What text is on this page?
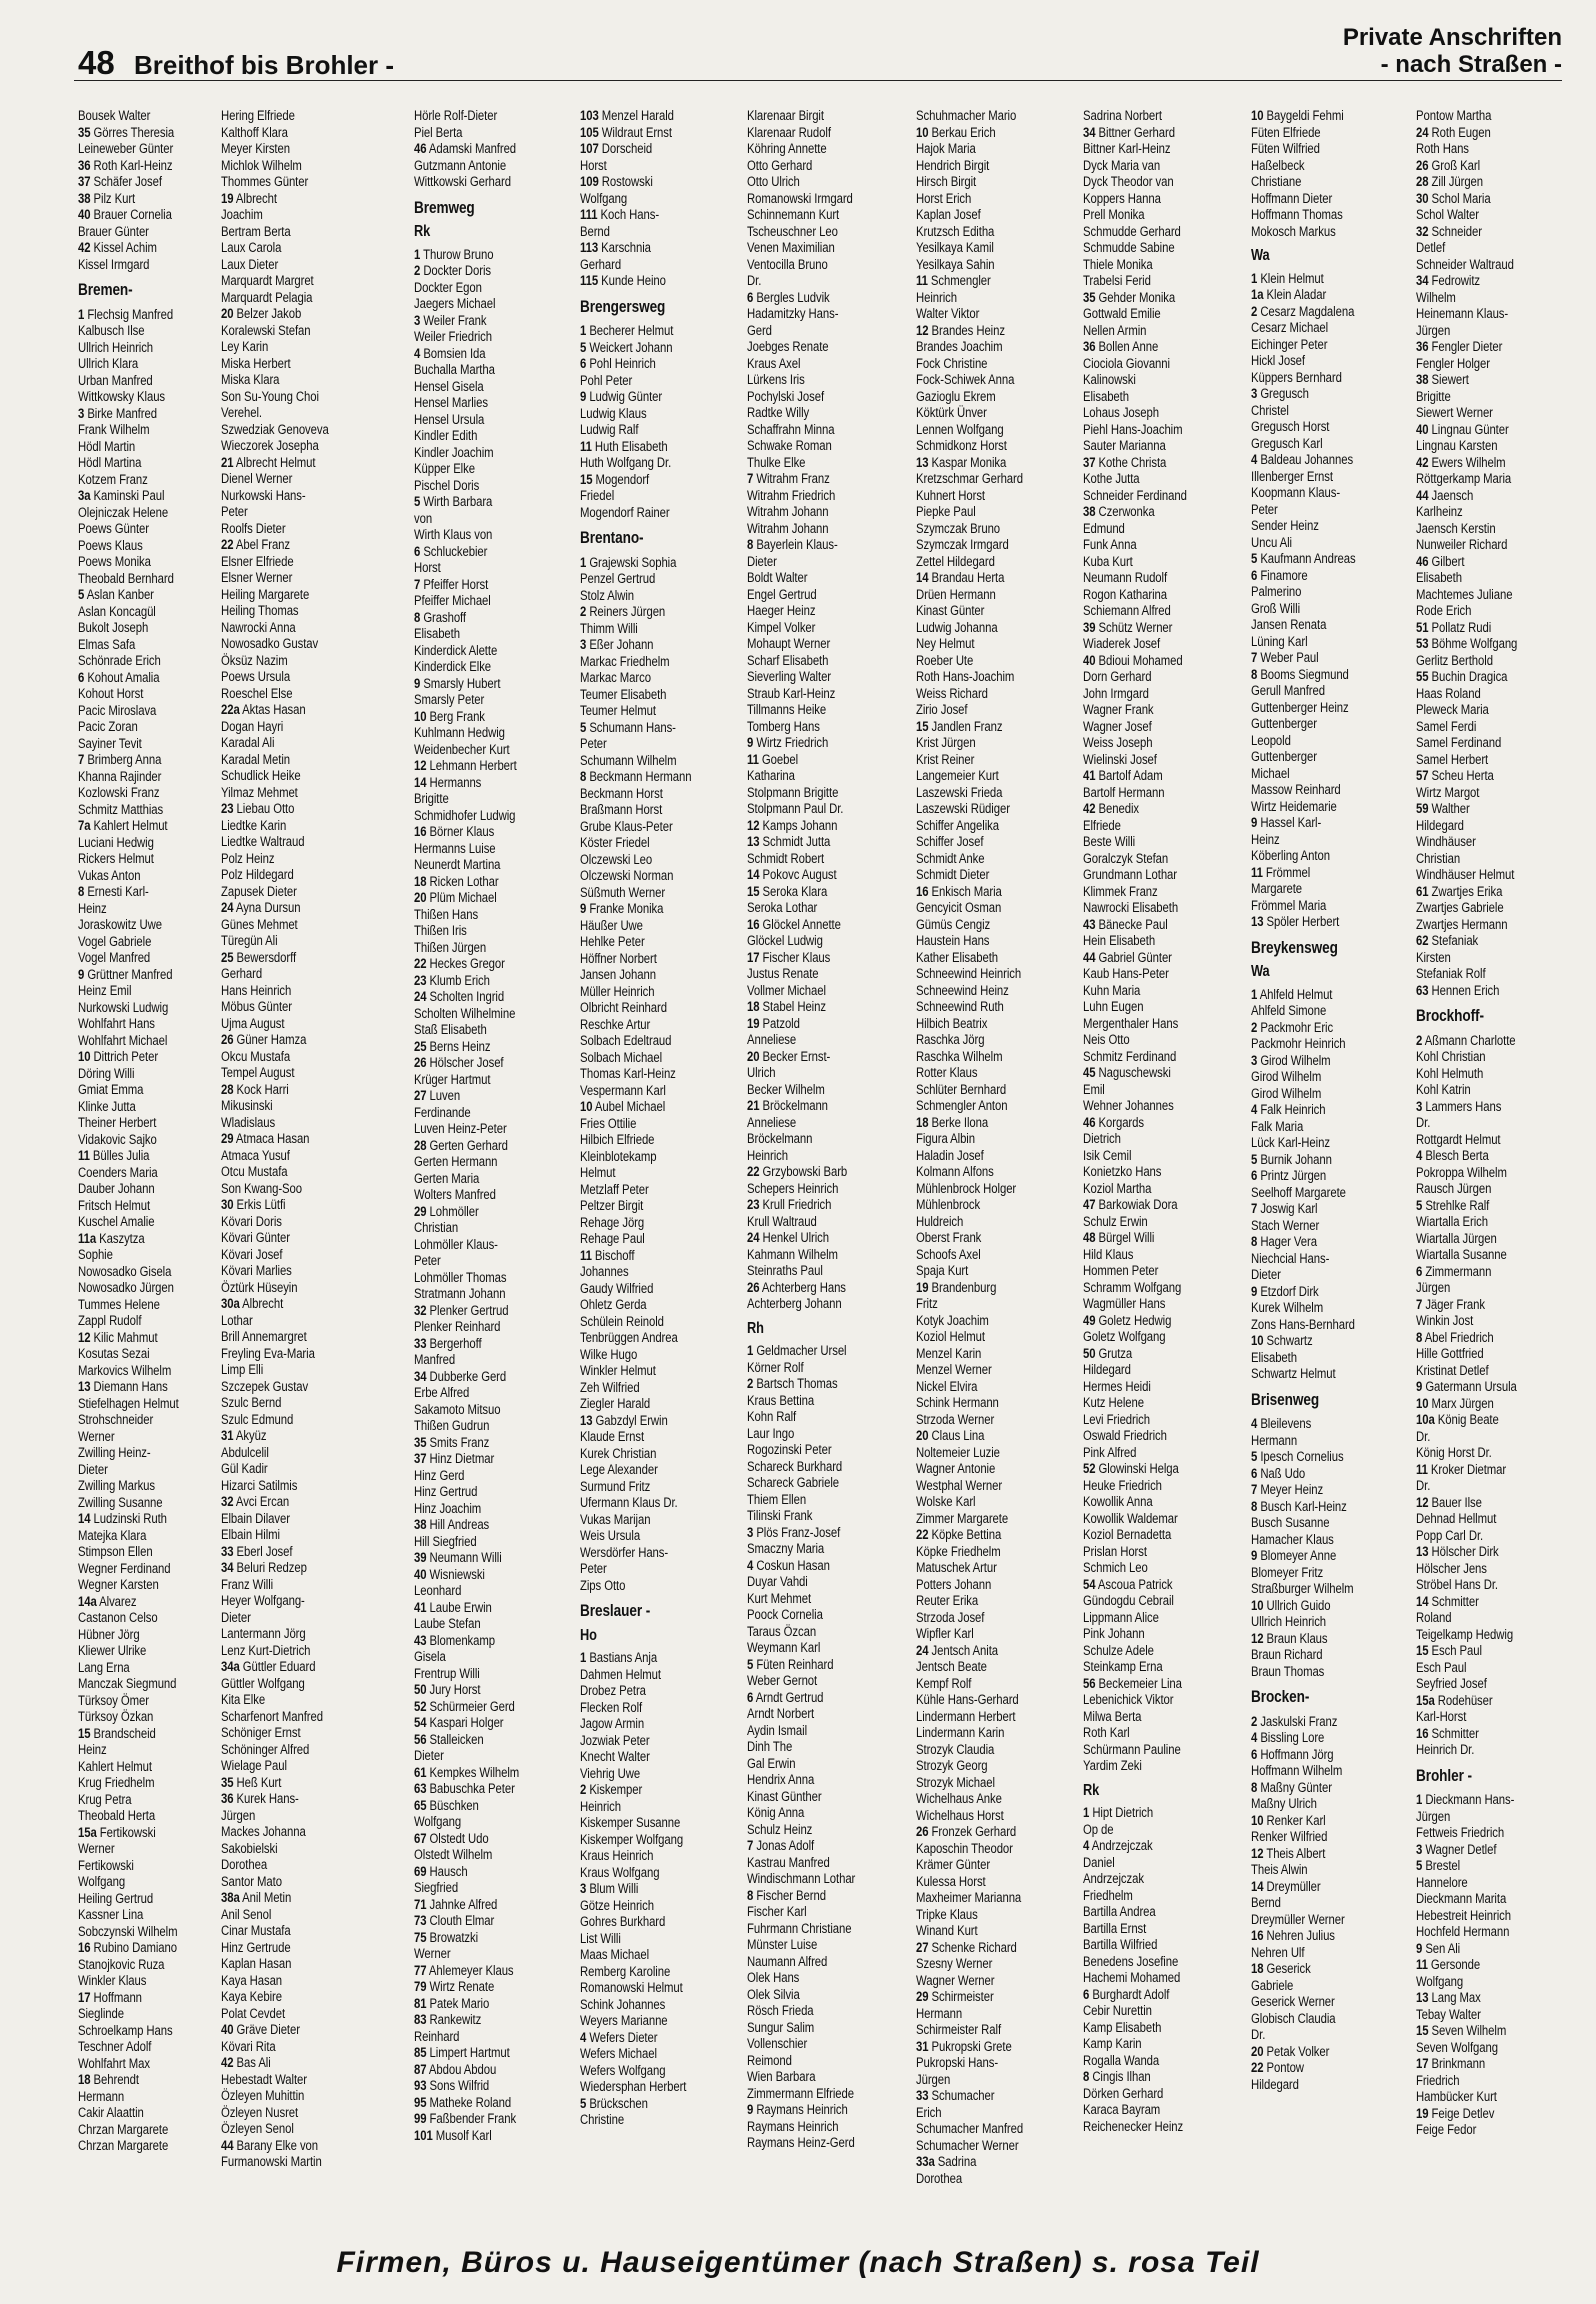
48 Breithof bis Brohler -
Private Anschriften
- nach Straßen -
Bousek Walter
35 Görres Theresia
Leineweber Günter
36 Roth Karl-Heinz
37 Schäfer Josef
38 Pilz Kurt
40 Brauer Cornelia
Brauer Günter
42 Kissel Achim
Kissel Irmgard
Bremen-
1 Flechsig Manfred
Kalbusch Ilse
Ullrich Heinrich
Ullrich Klara
Urban Manfred
Wittkowsky Klaus
3 Birke Manfred
Frank Wilhelm
Hödl Martin
Hödl Martina
Kotzem Franz
3a Kaminski Paul
Olejniczak Helene
Poews Günter
Poews Klaus
Poews Monika
Theobald Bernhard
5 Aslan Kanber
Aslan Koncagül
Bukolt Joseph
Elmas Safa
Schönrade Erich
6 Kohout Amalia
Kohout Horst
Pacic Miroslava
Pacic Zoran
Sayiner Tevit
7 Brimberg Anna
Khanna Rajinder
Kozlowski Franz
Schmitz Matthias
7a Kahlert Helmut
Luciani Hedwig
Rickers Helmut
Vukas Anton
8 Ernesti Karl-
Heinz
Joraskowitz Uwe
Vogel Gabriele
Vogel Manfred
9 Grüttner Manfred
Heinz Emil
Nurkowski Ludwig
Wohlfahrt Hans
Wohlfahrt Michael
10 Dittrich Peter
Döring Willi
Gmiat Emma
Klinke Jutta
Theiner Herbert
Vidakovic Sajko
11 Bülles Julia
Coenders Maria
Dauber Johann
Fritsch Helmut
Kuschel Amalie
11a Kaszytza
Sophie
Nowosadko Gisela
Nowosadko Jürgen
Tummes Helene
Zappl Rudolf
12 Kilic Mahmut
Kosutas Sezai
Markovics Wilhelm
13 Diemann Hans
Stiefelhagen Helmut
Strohschneider
Werner
Zwilling Heinz-
Dieter
Zwilling Markus
Zwilling Susanne
14 Ludzinski Ruth
Matejka Klara
Stimpson Ellen
Wegner Ferdinand
Wegner Karsten
14a Alvarez
Castanon Celso
Hübner Jörg
Kliewer Ulrike
Lang Erna
Manczak Siegmund
Türksoy Ömer
Türksoy Özkan
15 Brandscheid
Heinz
Kahlert Helmut
Krug Friedhelm
Krug Petra
Theobald Herta
15a Fertikowski
Werner
Fertikowski
Wolfgang
Heiling Gertrud
Kassner Lina
Sobczynski Wilhelm
16 Rubino Damiano
Stanojkovic Ruza
Winkler Klaus
17 Hoffmann
Sieglinde
Schroelkamp Hans
Teschner Adolf
Wohlfahrt Max
18 Behrendt
Hermann
Cakir Alaattin
Chrzan Margarete
Chrzan Margarete
Hering Elfriede
Kalthoff Klara
Meyer Kirsten
Michlok Wilhelm
Thommes Günter
19 Albrecht
Joachim
Bertram Berta
Laux Carola
Laux Dieter
Marquardt Margret
Marquardt Pelagia
20 Belzer Jakob
Koralewski Stefan
Ley Karin
Miska Herbert
Miska Klara
Son Su-Young Choi
Verehel.
Szwedziak Genoveva
Wieczorek Josepha
21 Albrecht Helmut
Dienel Werner
Nurkowski Hans-
Peter
Roolfs Dieter
22 Abel Franz
Elsner Elfriede
Elsner Werner
Heiling Margarete
Heiling Thomas
Nawrocki Anna
Nowosadko Gustav
Öksüz Nazim
Poews Ursula
Roeschel Else
22a Aktas Hasan
Dogan Hayri
Karadal Ali
Karadal Metin
Schudlick Heike
Yilmaz Mehmet
23 Liebau Otto
Liedtke Karin
Liedtke Waltraud
Polz Heinz
Polz Hildegard
Zapusek Dieter
24 Ayna Dursun
Günes Mehmet
Türegün Ali
25 Bewersdorff
Gerhard
Hans Heinrich
Möbus Günter
Ujma August
26 Güner Hamza
Okcu Mustafa
Tempel August
28 Kock Harri
Mikusinski
Wladislaus
29 Atmaca Hasan
Atmaca Yusuf
Otcu Mustafa
Son Kwang-Soo
30 Erkis Lütfi
Kövari Doris
Kövari Günter
Kövari Josef
Kövari Marlies
Öztürk Hüseyin
30a Albrecht
Lothar
Brill Annemargret
Freyling Eva-Maria
Limp Elli
Szczepek Gustav
Szulc Bernd
Szulc Edmund
31 Akyüz
Abdulcelil
Gül Kadir
Hizarci Satilmis
32 Avci Ercan
Elbain Dilaver
Elbain Hilmi
33 Eberl Josef
34 Beluri Redzep
Franz Willi
Heyer Wolfgang-
Dieter
Lantermann Jörg
Lenz Kurt-Dietrich
34a Güttler Eduard
Güttler Wolfgang
Kita Elke
Scharfenort Manfred
Schöniger Ernst
Schöninger Alfred
Wielage Paul
35 Heß Kurt
36 Kurek Hans-
Jürgen
Mackes Johanna
Sakobielski
Dorothea
Santor Mato
38a Anil Metin
Anil Senol
Cinar Mustafa
Hinz Gertrude
Kaplan Hasan
Kaya Hasan
Kaya Kebire
Polat Cevdet
40 Gräve Dieter
Kövari Rita
42 Bas Ali
Hebestadt Walter
Özleyen Muhittin
Özleyen Nusret
Özleyen Senol
44 Barany Elke von
Furmanowski Martin
Hörle Rolf-Dieter
Piel Berta
46 Adamski Manfred
Gutzmann Antonie
Wittkowski Gerhard
Bremweg
Rk
1 Thurow Bruno
2 Dockter Doris
Dockter Egon
Jaegers Michael
3 Weiler Frank
Weiler Friedrich
4 Bomsien Ida
Buchalla Martha
Hensel Gisela
Hensel Marlies
Hensel Ursula
Kindler Edith
Kindler Joachim
Küpper Elke
Pischel Doris
5 Wirth Barbara
von
Wirth Klaus von
6 Schluckebier
Horst
7 Pfeiffer Horst
Pfeiffer Michael
8 Grashoff
Elisabeth
Kinderdick Alette
Kinderdick Elke
9 Smarsly Hubert
Smarsly Peter
10 Berg Frank
Kuhlmann Hedwig
Weidenbecher Kurt
12 Lehmann Herbert
14 Hermanns
Brigitte
Schmidhofer Ludwig
16 Börner Klaus
Hermanns Luise
Neunerdt Martina
18 Ricken Lothar
20 Plüm Michael
Thißen Hans
Thißen Iris
Thißen Jürgen
22 Heckes Gregor
23 Klumb Erich
24 Scholten Ingrid
Scholten Wilhelmine
Staß Elisabeth
25 Berns Heinz
26 Hölscher Josef
Krüger Hartmut
27 Luven
Ferdinande
Luven Heinz-Peter
28 Gerten Gerhard
Gerten Hermann
Gerten Maria
Wolters Manfred
29 Lohmöller
Christian
Lohmöller Klaus-
Peter
Lohmöller Thomas
Stratmann Johann
32 Plenker Gertrud
Plenker Reinhard
33 Bergerhoff
Manfred
34 Dubberke Gerd
Erbe Alfred
Sakamoto Mitsuo
Thißen Gudrun
35 Smits Franz
37 Hinz Dietmar
Hinz Gerd
Hinz Gertrud
Hinz Joachim
38 Hill Andreas
Hill Siegfried
39 Neumann Willi
40 Wisniewski
Leonhard
41 Laube Erwin
Laube Stefan
43 Blomenkamp
Gisela
Frentrup Willi
50 Jury Horst
52 Schürmeier Gerd
54 Kaspari Holger
56 Stalleicken
Dieter
61 Kempkes Wilhelm
63 Babuschka Peter
65 Büschken
Wolfgang
67 Olstedt Udo
Olstedt Wilhelm
69 Hausch
Siegfried
71 Jahnke Alfred
73 Clouth Elmar
75 Browatzki
Werner
77 Ahlemeyer Klaus
79 Wirtz Renate
81 Patek Mario
83 Rankewitz
Reinhard
85 Limpert Hartmut
87 Abdou Abdou
93 Sons Wilfrid
95 Matheke Roland
99 Faßbender Frank
101 Musolf Karl
103 Menzel Harald
105 Wildraut Ernst
107 Dorscheid
Horst
109 Rostowski
Wolfgang
111 Koch Hans-
Bernd
113 Karschnia
Gerhard
115 Kunde Heino
Brengersweg
1 Becherer Helmut
5 Weickert Johann
6 Pohl Heinrich
Pohl Peter
9 Ludwig Günter
Ludwig Klaus
Ludwig Ralf
11 Huth Elisabeth
Huth Wolfgang Dr.
15 Mogendorf
Friedel
Mogendorf Rainer
Brentano-
1 Grajewski Sophia
Penzel Gertrud
Stolz Alwin
2 Reiners Jürgen
Thimm Willi
3 Eßer Johann
Markac Friedhelm
Markac Marco
Teumer Elisabeth
Teumer Helmut
5 Schumann Hans-
Peter
Schumann Wilhelm
8 Beckmann Hermann
Beckmann Horst
Braßmann Horst
Grube Klaus-Peter
Köster Friedel
Olczewski Leo
Olczewski Norman
Süßmuth Werner
9 Franke Monika
Häußer Uwe
Hehlke Peter
Höffner Norbert
Jansen Johann
Müller Heinrich
Olbricht Reinhard
Reschke Artur
Solbach Edeltraud
Solbach Michael
Thomas Karl-Heinz
Vespermann Karl
10 Aubel Michael
Fries Ottilie
Hilbich Elfriede
Kleinblotekamp
Helmut
Metzlaff Peter
Peltzer Birgit
Rehage Jörg
Rehage Paul
11 Bischoff
Johannes
Gaudy Wilfried
Ohletz Gerda
Schülein Reinold
Tenbrüggen Andrea
Wilke Hugo
Winkler Helmut
Zeh Wilfried
Ziegler Harald
13 Gabzdyl Erwin
Klaude Ernst
Kurek Christian
Lege Alexander
Surmund Fritz
Ufermann Klaus Dr.
Vukas Marijan
Weis Ursula
Wersdörfer Hans-
Peter
Zips Otto
Breslauer -
Ho
1 Bastians Anja
Dahmen Helmut
Drobez Petra
Flecken Rolf
Jagow Armin
Jozwiak Peter
Knecht Walter
Viehrig Uwe
2 Kiskemper
Heinrich
Kiskemper Susanne
Kiskemper Wolfgang
Kraus Heinrich
Kraus Wolfgang
3 Blum Willi
Götze Heinrich
Gohres Burkhard
List Willi
Maas Michael
Remberg Karoline
Romanowski Helmut
Schink Johannes
Weyers Marianne
4 Wefers Dieter
Wefers Michael
Wefers Wolfgang
Wiedersphan Herbert
5 Brückschen
Christine
Klarenaar Birgit
Klarenaar Rudolf
Köhring Annette
Otto Gerhard
Otto Ulrich
Romanowski Irmgard
Schinnemann Kurt
Tscheuschner Leo
Venen Maximilian
Ventocilla Bruno
Dr.
6 Bergles Ludvik
Hadamitzky Hans-
Gerd
Joebges Renate
Kraus Axel
Lürkens Iris
Pochylski Josef
Radtke Willy
Schaffrahn Minna
Schwake Roman
Thulke Elke
7 Witrahm Franz
Witrahm Friedrich
Witrahm Johann
Witrahm Johann
8 Bayerlein Klaus-
Dieter
Boldt Walter
Engel Gertrud
Haeger Heinz
Kimpel Volker
Mohaupt Werner
Scharf Elisabeth
Sieverling Walter
Straub Karl-Heinz
Tillmanns Heike
Tomberg Hans
9 Wirtz Friedrich
11 Goebel
Katharina
Stolpmann Brigitte
Stolpmann Paul Dr.
12 Kamps Johann
13 Schmidt Jutta
Schmidt Robert
14 Pokovc August
15 Seroka Klara
Seroka Lothar
16 Glöckel Annette
Glöckel Ludwig
17 Fischer Klaus
Justus Renate
Vollmer Michael
18 Stabel Heinz
19 Patzold
Anneliese
20 Becker Ernst-
Ulrich
Becker Wilhelm
21 Bröckelmann
Anneliese
Bröckelmann
Heinrich
22 Grzybowski Barb
Schepers Heinrich
23 Krull Friedrich
Krull Waltraud
24 Henkel Ulrich
Kahmann Wilhelm
Steinraths Paul
26 Achterberg Hans
Achterberg Johann
Rh
1 Geldmacher Ursel
Körner Rolf
2 Bartsch Thomas
Kraus Bettina
Kohn Ralf
Laur Ingo
Rogozinski Peter
Schareck Burkhard
Schareck Gabriele
Thiem Ellen
Tilinski Frank
3 Plös Franz-Josef
Smaczny Maria
4 Coskun Hasan
Duyar Vahdi
Kurt Mehmet
Poock Cornelia
Taraus Özcan
Weymann Karl
5 Füten Reinhard
Weber Gernot
6 Arndt Gertrud
Arndt Norbert
Aydin Ismail
Dinh The
Gal Erwin
Hendrix Anna
Kinast Günther
König Anna
Schulz Heinz
7 Jonas Adolf
Kastrau Manfred
Windischmann Lothar
8 Fischer Bernd
Fischer Karl
Fuhrmann Christiane
Münster Luise
Naumann Alfred
Olek Hans
Olek Silvia
Rösch Frieda
Sungur Salim
Vollenschier
Reimond
Wien Barbara
Zimmermann Elfriede
9 Raymans Heinrich
Raymans Heinrich
Raymans Heinz-Gerd
Schuhmacher Mario
10 Berkau Erich
Hajok Maria
Hendrich Birgit
Hirsch Birgit
Horst Erich
Kaplan Josef
Krutzsch Editha
Yesilkaya Kamil
Yesilkaya Sahin
11 Schmengler
Heinrich
Walter Viktor
12 Brandes Heinz
Brandes Joachim
Fock Christine
Fock-Schiwek Anna
Gazioglu Ekrem
Köktürk Ünver
Lennen Wolfgang
Schmidkonz Horst
13 Kaspar Monika
Kretzschmar Gerhard
Kuhnert Horst
Piepke Paul
Szymczak Bruno
Szymczak Irmgard
Zettel Hildegard
14 Brandau Herta
Drüen Hermann
Kinast Günter
Ludwig Johanna
Ney Helmut
Roeber Ute
Roth Hans-Joachim
Weiss Richard
Zirio Josef
15 Jandlen Franz
Krist Jürgen
Krist Reiner
Langemeier Kurt
Laszewski Frieda
Laszewski Rüdiger
Schiffer Angelika
Schiffer Josef
Schmidt Anke
Schmidt Dieter
16 Enkisch Maria
Gencyicit Osman
Gümüs Cengiz
Haustein Hans
Kather Elisabeth
Schneewind Heinrich
Schneewind Heinz
Schneewind Ruth
Hilbich Beatrix
Raschka Jörg
Raschka Wilhelm
Rotter Klaus
Schlüter Bernhard
Schmengler Anton
18 Berke Ilona
Figura Albin
Haladin Josef
Kolmann Alfons
Mühlenbrock Holger
Mühlenbrock
Huldreich
Oberst Frank
Schoofs Axel
Spaja Kurt
19 Brandenburg
Fritz
Kotyk Joachim
Koziol Helmut
Menzel Karin
Menzel Werner
Nickel Elvira
Schink Hermann
Strzoda Werner
20 Claus Lina
Noltemeier Luzie
Wagner Antonie
Westphal Werner
Wolske Karl
Zimmer Margarete
22 Köpke Bettina
Köpke Friedhelm
Matuschek Artur
Potters Johann
Reuter Erika
Strzoda Josef
Wipfler Karl
24 Jentsch Anita
Jentsch Beate
Kempf Rolf
Kühle Hans-Gerhard
Lindermann Herbert
Lindermann Karin
Strozyk Claudia
Strozyk Georg
Strozyk Michael
Wichelhaus Anke
Wichelhaus Horst
26 Fronzek Gerhard
Kaposchin Theodor
Krämer Günter
Kulessa Horst
Maxheimer Marianna
Tripke Klaus
Winand Kurt
27 Schenke Richard
Szesny Werner
Wagner Werner
29 Schirmeister
Hermann
Schirmeister Ralf
31 Pukropski Grete
Pukropski Hans-
Jürgen
33 Schumacher
Erich
Schumacher Manfred
Schumacher Werner
33a Sadrina
Dorothea
Sadrina Norbert
34 Bittner Gerhard
Bittner Karl-Heinz
Dyck Maria van
Dyck Theodor van
Koppers Hanna
Prell Monika
Schmudde Gerhard
Schmudde Sabine
Thiele Monika
Trabelsi Ferid
35 Gehder Monika
Gottwald Emilie
Nellen Armin
36 Bollen Anne
Ciociola Giovanni
Kalinowski
Elisabeth
Lohaus Joseph
Piehl Hans-Joachim
Sauter Marianna
37 Kothe Christa
Kothe Jutta
Schneider Ferdinand
38 Czerwonka
Edmund
Funk Anna
Kuba Kurt
Neumann Rudolf
Rogon Katharina
Schiemann Alfred
39 Schütz Werner
Wiaderek Josef
40 Bdioui Mohamed
Dorn Gerhard
John Irmgard
Wagner Frank
Wagner Josef
Weiss Joseph
Wielinski Josef
41 Bartolf Adam
Bartolf Hermann
42 Benedix
Elfriede
Beste Willi
Goralczyk Stefan
Grundmann Lothar
Klimmek Franz
Nawrocki Elisabeth
43 Bänecke Paul
Hein Elisabeth
44 Gabriel Günter
Kaub Hans-Peter
Kuhn Maria
Luhn Eugen
Mergenthaler Hans
Neis Otto
Schmitz Ferdinand
45 Naguschewski
Emil
Wehner Johannes
46 Korgards
Dietrich
Isik Cemil
Konietzko Hans
Koziol Martha
47 Barkowiak Dora
Schulz Erwin
48 Bürgel Willi
Hild Klaus
Hommen Peter
Schramm Wolfgang
Wagmüller Hans
49 Goletz Hedwig
Goletz Wolfgang
50 Grutza
Hildegard
Hermes Heidi
Kutz Helene
Levi Friedrich
Oswald Friedrich
Pink Alfred
52 Glowinski Helga
Heuke Friedrich
Kowollik Anna
Kowollik Waldemar
Koziol Bernadetta
Prislan Horst
Schmich Leo
54 Ascoua Patrick
Gündogdu Cebrail
Lippmann Alice
Pink Johann
Schulze Adele
Steinkamp Erna
56 Beckemeier Lina
Lebenichick Viktor
Milwa Berta
Roth Karl
Schürmann Pauline
Yardim Zeki
Rk
1 Hipt Dietrich
Op de
4 Andrzejczak
Daniel
Andrzejczak
Friedhelm
Bartilla Andrea
Bartilla Ernst
Bartilla Wilfried
Benedens Josefine
Hachemi Mohamed
6 Burghardt Adolf
Cebir Nurettin
Kamp Elisabeth
Kamp Karin
Rogalla Wanda
8 Cingis Ilhan
Dörken Gerhard
Karaca Bayram
Reichenecker Heinz
10 Baygeldi Fehmi
Füten Elfriede
Füten Wilfried
Haßelbeck
Christiane
Hoffmann Dieter
Hoffmann Thomas
Mokosch Markus
Wa
1 Klein Helmut
1a Klein Aladar
2 Cesarz Magdalena
Cesarz Michael
Eichinger Peter
Hickl Josef
Küppers Bernhard
3 Gregusch
Christel
Gregusch Horst
Gregusch Karl
4 Baldeau Johannes
Illenberger Ernst
Koopmann Klaus-
Peter
Sender Heinz
Uncu Ali
5 Kaufmann Andreas
6 Finamore
Palmerino
Groß Willi
Jansen Renata
Lüning Karl
7 Weber Paul
8 Booms Siegmund
Gerull Manfred
Guttenberger Heinz
Guttenberger
Leopold
Guttenberger
Michael
Massow Reinhard
Wirtz Heidemarie
9 Hassel Karl-
Heinz
Köberling Anton
11 Frömmel
Margarete
Frömmel Maria
13 Spöler Herbert
Breykensweg
Wa
1 Ahlfeld Helmut
Ahlfeld Simone
2 Packmohr Eric
Packmohr Heinrich
3 Girod Wilhelm
Girod Wilhelm
Girod Wilhelm
4 Falk Heinrich
Falk Maria
Lück Karl-Heinz
5 Burnik Johann
6 Printz Jürgen
Seelhoff Margarete
7 Joswig Karl
Stach Werner
8 Hager Vera
Niechcial Hans-
Dieter
9 Etzdorf Dirk
Kurek Wilhelm
Zons Hans-Bernhard
10 Schwartz
Elisabeth
Schwartz Helmut
Brisenweg
4 Bleilevens
Hermann
5 Ipesch Cornelius
6 Naß Udo
7 Meyer Heinz
8 Busch Karl-Heinz
Busch Susanne
Hamacher Klaus
9 Blomeyer Anne
Blomeyer Fritz
Straßburger Wilhelm
10 Ullrich Guido
Ullrich Heinrich
12 Braun Klaus
Braun Richard
Braun Thomas
Brocken-
2 Jaskulski Franz
4 Bissling Lore
6 Hoffmann Jörg
Hoffmann Wilhelm
8 Maßny Günter
Maßny Ulrich
10 Renker Karl
Renker Wilfried
12 Theis Albert
Theis Alwin
14 Dreymüller
Bernd
Dreymüller Werner
16 Nehren Julius
Nehren Ulf
18 Geserick
Gabriele
Geserick Werner
Globisch Claudia
Dr.
20 Petak Volker
22 Pontow
Hildegard
Pontow Martha
24 Roth Eugen
Roth Hans
26 Groß Karl
28 Zill Jürgen
30 Schol Maria
Schol Walter
32 Schneider
Detlef
Schneider Waltraud
34 Fedrowitz
Wilhelm
Heinemann Klaus-
Jürgen
36 Fengler Dieter
Fengler Holger
38 Siewert
Brigitte
Siewert Werner
40 Lingnau Günter
Lingnau Karsten
42 Ewers Wilhelm
Röttgerkamp Maria
44 Jaensch
Karlheinz
Jaensch Kerstin
Nunweiler Richard
46 Gilbert
Elisabeth
Machtemes Juliane
Rode Erich
51 Pollatz Rudi
53 Böhme Wolfgang
Gerlitz Berthold
55 Buchin Dragica
Haas Roland
Pleweck Maria
Samel Ferdi
Samel Ferdinand
Samel Herbert
57 Scheu Herta
Wirtz Margot
59 Walther
Hildegard
Windhäuser
Christian
Windhäuser Helmut
61 Zwartjes Erika
Zwartjes Gabriele
Zwartjes Hermann
62 Stefaniak
Kirsten
Stefaniak Rolf
63 Hennen Erich
Brockhoff-
2 Aßmann Charlotte
Kohl Christian
Kohl Helmuth
Kohl Katrin
3 Lammers Hans
Dr.
Rottgardt Helmut
4 Blesch Berta
Pokroppa Wilhelm
Rausch Jürgen
5 Strehlke Ralf
Wiartalla Erich
Wiartalla Jürgen
Wiartalla Susanne
6 Zimmermann
Jürgen
7 Jäger Frank
Winkin Jost
8 Abel Friedrich
Hille Gottfried
Kristinat Detlef
9 Gatermann Ursula
10 Marx Jürgen
10a König Beate
Dr.
König Horst Dr.
11 Kroker Dietmar
Dr.
12 Bauer Ilse
Dehnad Hellmut
Popp Carl Dr.
13 Hölscher Dirk
Hölscher Jens
Ströbel Hans Dr.
14 Schmitter
Roland
Teigelkamp Hedwig
15 Esch Paul
Esch Paul
Seyfried Josef
15a Rodehüser
Karl-Horst
16 Schmitter
Heinrich Dr.
Brohler -
1 Dieckmann Hans-
Jürgen
Fettweis Friedrich
3 Wagner Detlef
5 Brestel
Hannelore
Dieckmann Marita
Hebestreit Heinrich
Hochfeld Hermann
9 Sen Ali
11 Gersonde
Wolfgang
13 Lang Max
Tebay Walter
15 Seven Wilhelm
Seven Wolfgang
17 Brinkmann
Friedrich
Hambücker Kurt
19 Feige Detlev
Feige Fedor
Firmen, Büros u. Hauseigentümer (nach Straßen) s. rosa Teil
